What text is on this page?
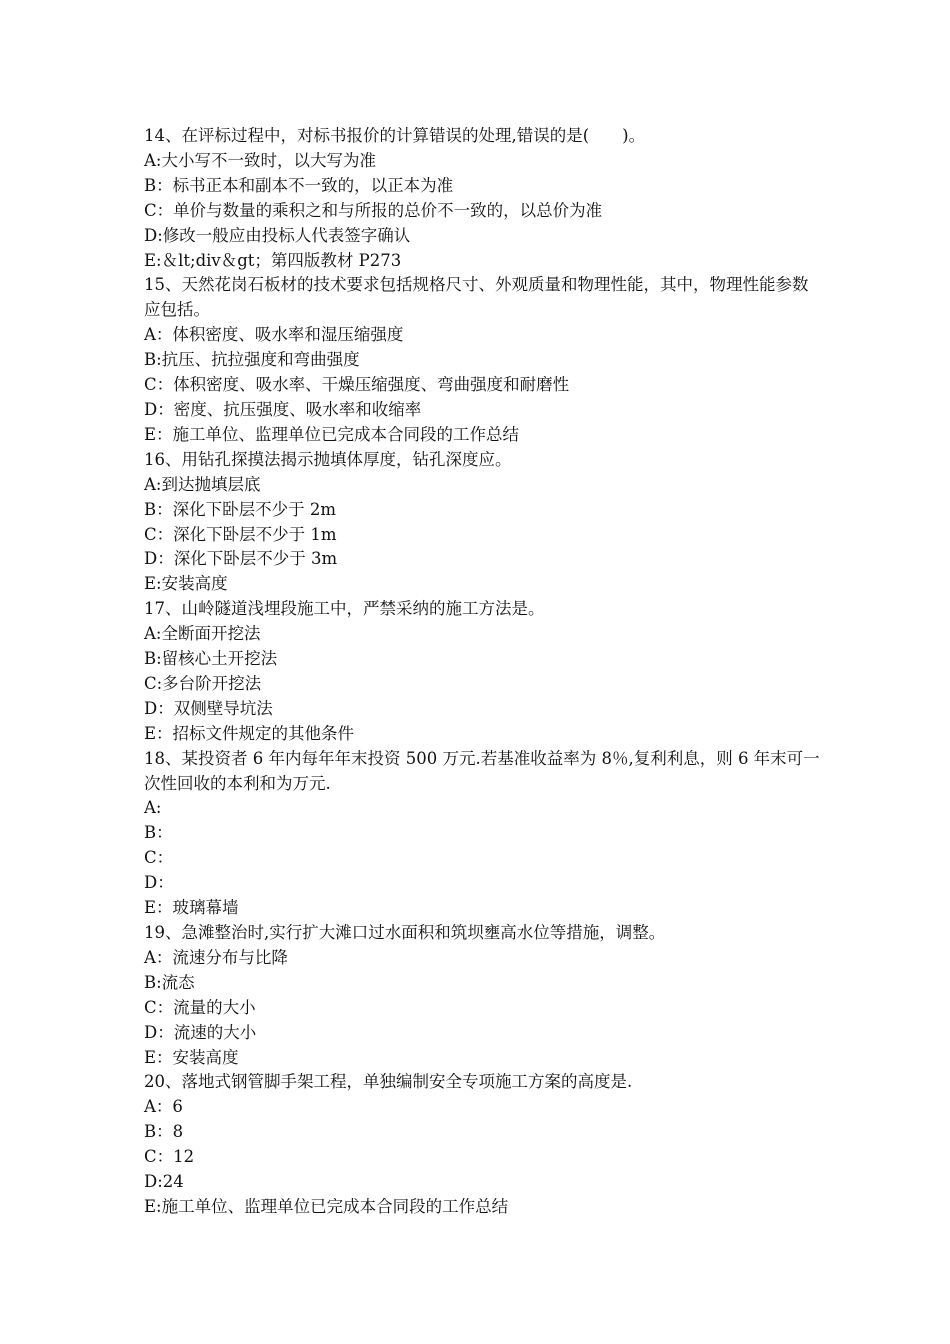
14、在评标过程中，对标书报价的计算错误的处理,错误的是(　　)。
A:大小写不一致时，以大写为准
B：标书正本和副本不一致的，以正本为准
C：单价与数量的乘积之和与所报的总价不一致的，以总价为准
D:修改一般应由投标人代表签字确认
E:＆lt;div＆gt；第四版教材 P273
15、天然花岗石板材的技术要求包括规格尺寸、外观质量和物理性能，其中，物理性能参数应包括。
A：体积密度、吸水率和湿压缩强度
B:抗压、抗拉强度和弯曲强度
C：体积密度、吸水率、干燥压缩强度、弯曲强度和耐磨性
D：密度、抗压强度、吸水率和收缩率
E：施工单位、监理单位已完成本合同段的工作总结
16、用钻孔探摸法揭示抛填体厚度，钻孔深度应。
A:到达抛填层底
B：深化下卧层不少于 2m
C：深化下卧层不少于 1m
D：深化下卧层不少于 3m
E:安装高度
17、山岭隧道浅埋段施工中，严禁采纳的施工方法是。
A:全断面开挖法
B:留核心土开挖法
C:多台阶开挖法
D：双侧壁导坑法
E：招标文件规定的其他条件
18、某投资者 6 年内每年年末投资 500 万元.若基准收益率为 8％,复利利息，则 6 年末可一次性回收的本利和为万元.
A:
B：
C：
D：
E：玻璃幕墙
19、急滩整治时,实行扩大滩口过水面积和筑坝壅高水位等措施，调整。
A：流速分布与比降
B:流态
C：流量的大小
D：流速的大小
E：安装高度
20、落地式钢管脚手架工程，单独编制安全专项施工方案的高度是.
A：6
B：8
C：12
D:24
E:施工单位、监理单位已完成本合同段的工作总结
